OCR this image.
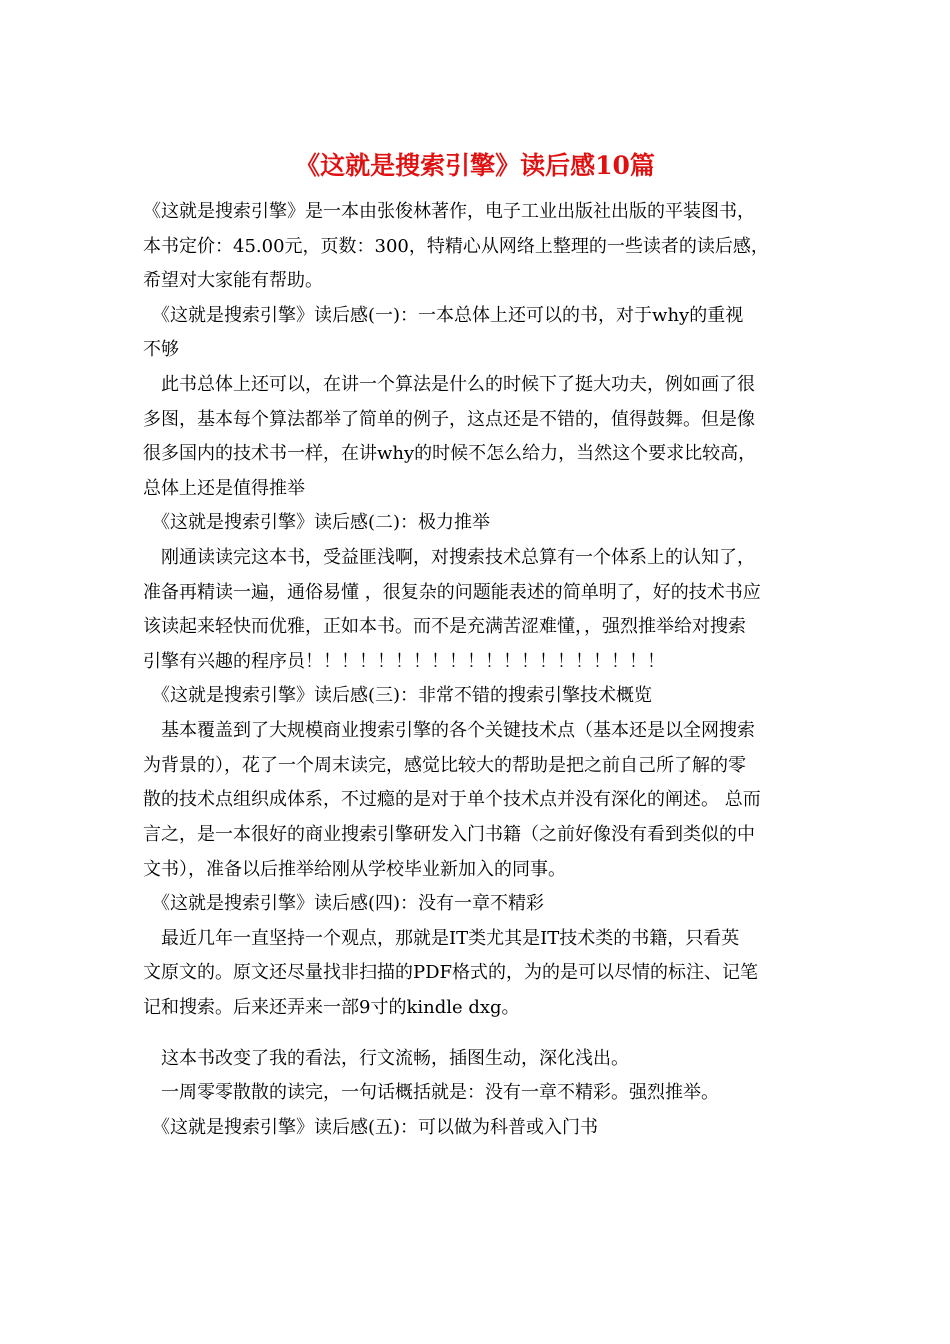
《这就是搜索引擎》读后感10篇
《这就是搜索引擎》是一本由张俊林著作，电子工业出版社出版的平装图书，
本书定价：45.00元，页数：300，特精心从网络上整理的一些读者的读后感，
希望对大家能有帮助。
　《这就是搜索引擎》读后感(一)：一本总体上还可以的书，对于why的重视
不够
　此书总体上还可以，在讲一个算法是什么的时候下了挺大功夫，例如画了很
多图，基本每个算法都举了简单的例子，这点还是不错的，值得鼓舞。但是像
很多国内的技术书一样，在讲why的时候不怎么给力，当然这个要求比较高，
总体上还是值得推举
　《这就是搜索引擎》读后感(二)：极力推举
　刚通读读完这本书，受益匪浅啊，对搜索技术总算有一个体系上的认知了，
准备再精读一遍，通俗易懂 ，很复杂的问题能表述的简单明了，好的技术书应
该读起来轻快而优雅，正如本书。而不是充满苦涩难懂，，强烈推举给对搜索
引擎有兴趣的程序员！！！！！！！！！！！！！！！！！！！！
　《这就是搜索引擎》读后感(三)：非常不错的搜索引擎技术概览
　基本覆盖到了大规模商业搜索引擎的各个关键技术点（基本还是以全网搜索
为背景的），花了一个周末读完，感觉比较大的帮助是把之前自己所了解的零
散的技术点组织成体系，不过瘾的是对于单个技术点并没有深化的阐述。 总而
言之，是一本很好的商业搜索引擎研发入门书籍（之前好像没有看到类似的中
文书），准备以后推举给刚从学校毕业新加入的同事。
　《这就是搜索引擎》读后感(四)：没有一章不精彩
　最近几年一直坚持一个观点，那就是IT类尤其是IT技术类的书籍，只看英
文原文的。原文还尽量找非扫描的PDF格式的，为的是可以尽情的标注、记笔
记和搜索。后来还弄来一部9寸的kindle dxg。
　这本书改变了我的看法，行文流畅，插图生动，深化浅出。
　一周零零散散的读完，一句话概括就是：没有一章不精彩。强烈推举。
　《这就是搜索引擎》读后感(五)：可以做为科普或入门书
